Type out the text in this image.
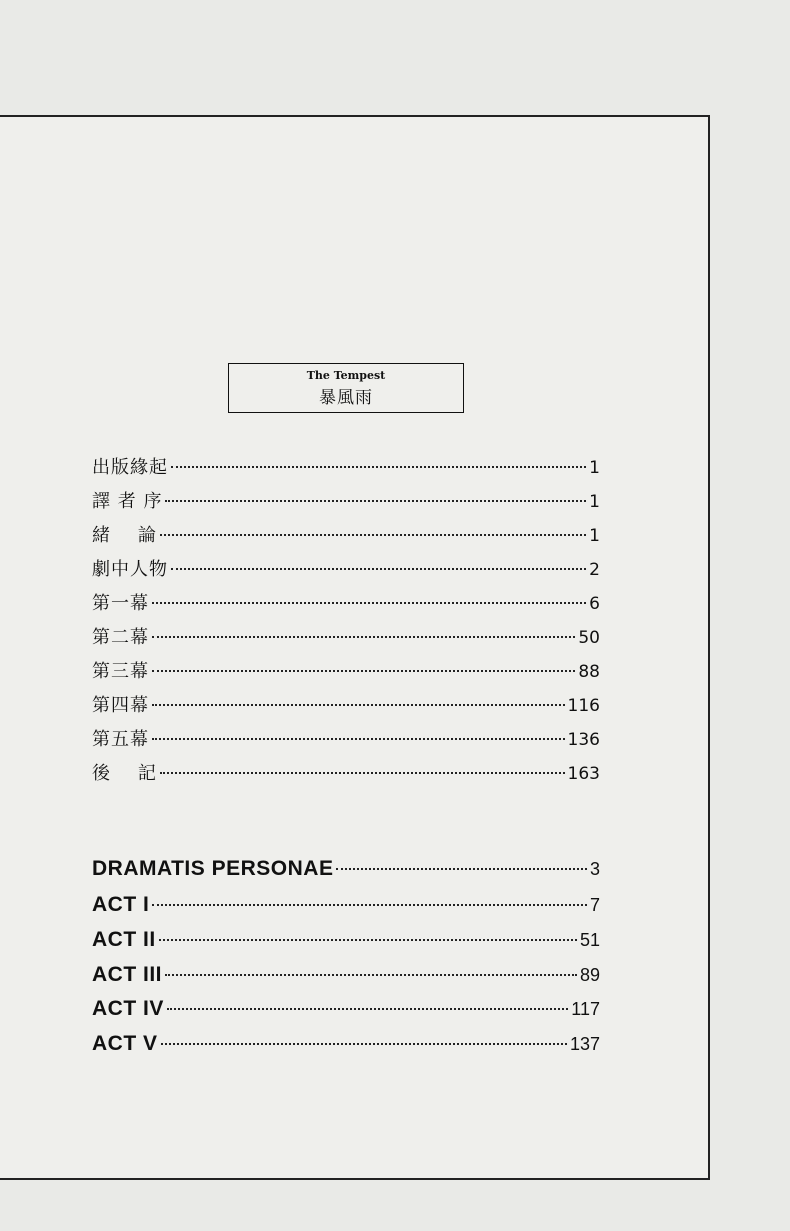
The Tempest
暴風雨
出版緣起	1
譯 者 序	1
緒    論	1
劇中人物	2
第一幕	6
第二幕	50
第三幕	88
第四幕	116
第五幕	136
後    記	163
DRAMATIS PERSONAE	3
ACT I	7
ACT II	51
ACT III	89
ACT IV	117
ACT V	137
